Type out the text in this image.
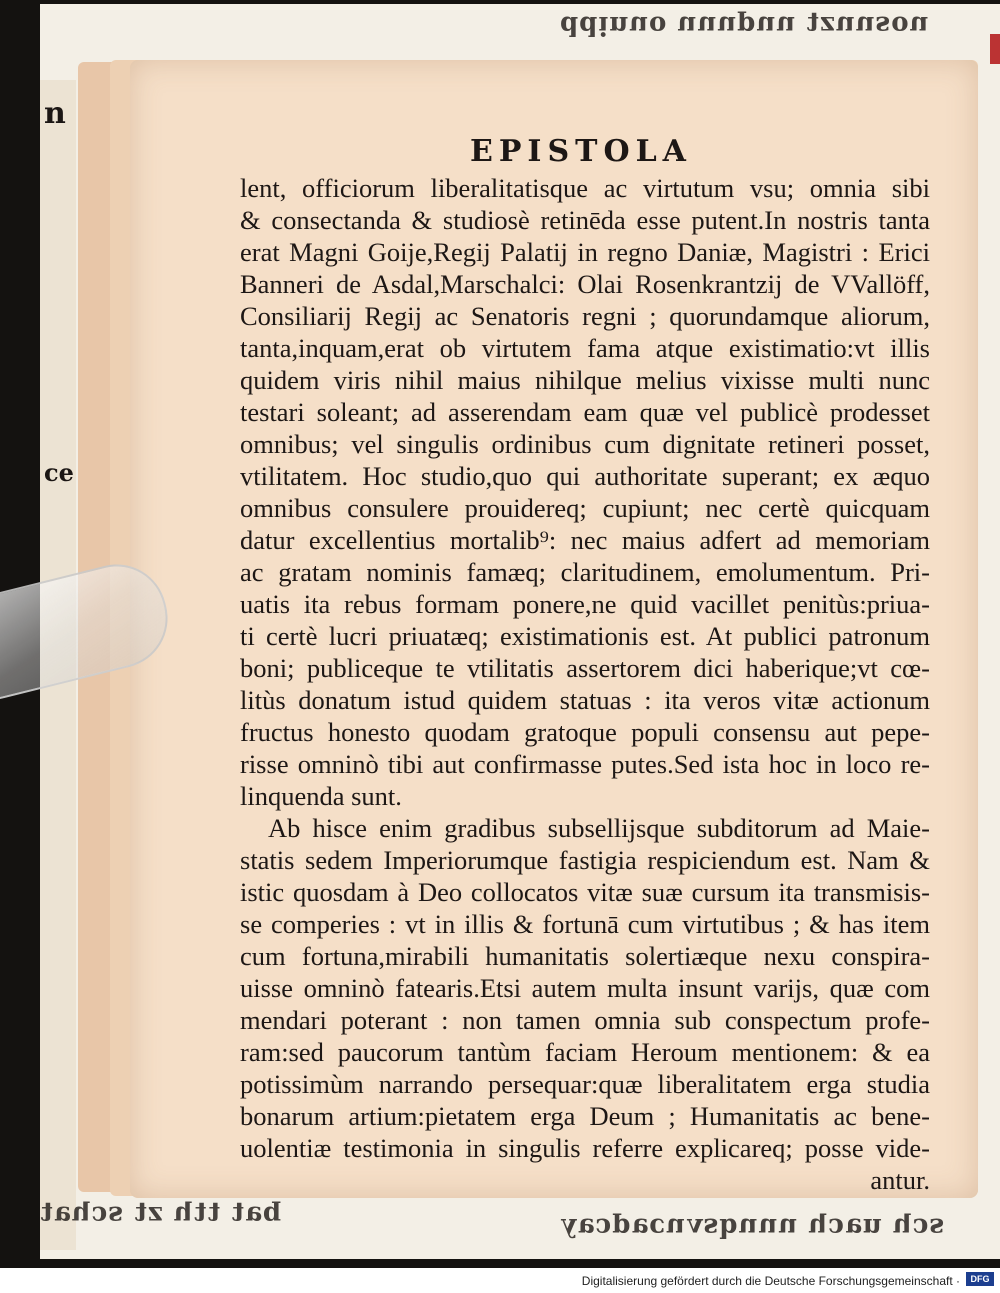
ddinuo uuupuu ʇzuusou
ʇɐɥɔs ʇz ɥʇʇ ʇɐq	ʎɐɔpɐcuʌsbuuu ɥɔɐn ɥɔs
n
ce
EPISTOLA
lent, officiorum liberalitatisque ac virtutum vsu; omnia sibi
& consectanda & studiosè retinēda esse putent.In nostris tanta
erat Magni Goije,Regij Palatij in regno Daniæ, Magistri : Erici
Banneri de Asdal,Marschalci: Olai Rosenkrantzij de VVallöff,
Consiliarij Regij ac Senatoris regni ; quorundamque aliorum,
tanta,inquam,erat ob virtutem fama atque existimatio:vt illis
quidem viris nihil maius nihilque melius vixisse multi nunc
testari soleant; ad asserendam eam quæ vel publicè prodesset
omnibus; vel singulis ordinibus cum dignitate retineri posset,
vtilitatem. Hoc studio,quo qui authoritate superant; ex æquo
omnibus consulere prouidereq; cupiunt; nec certè quicquam
datur excellentius mortalib⁹: nec maius adfert ad memoriam
ac gratam nominis famæq; claritudinem, emolumentum. Pri-
uatis ita rebus formam ponere,ne quid vacillet penitùs:priua-
ti certè lucri priuatæq; existimationis est. At publici patronum
boni; publiceque te vtilitatis assertorem dici haberique;vt cœ-
litùs donatum istud quidem statuas : ita veros vitæ actionum
fructus honesto quodam gratoque populi consensu aut pepe-
risse omninò tibi aut confirmasse putes.Sed ista hoc in loco re-
linquenda sunt.
Ab hisce enim gradibus subsellijsque subditorum ad Maie-
statis sedem Imperiorumque fastigia respiciendum est. Nam &
istic quosdam à Deo collocatos vitæ suæ cursum ita transmisis-
se comperies : vt in illis & fortunā cum virtutibus ; & has item
cum fortuna,mirabili humanitatis solertiæque nexu conspira-
uisse omninò fatearis.Etsi autem multa insunt varijs, quæ com
mendari poterant : non tamen omnia sub conspectum profe-
ram:sed paucorum tantùm faciam Heroum mentionem: & ea
potissimùm narrando persequar:quæ liberalitatem erga studia
bonarum artium:pietatem erga Deum ; Humanitatis ac bene-
uolentiæ testimonia in singulis referre explicareq; posse vide-
antur.
Digitalisierung gefördert durch die Deutsche Forschungsgemeinschaft ·	DFG
